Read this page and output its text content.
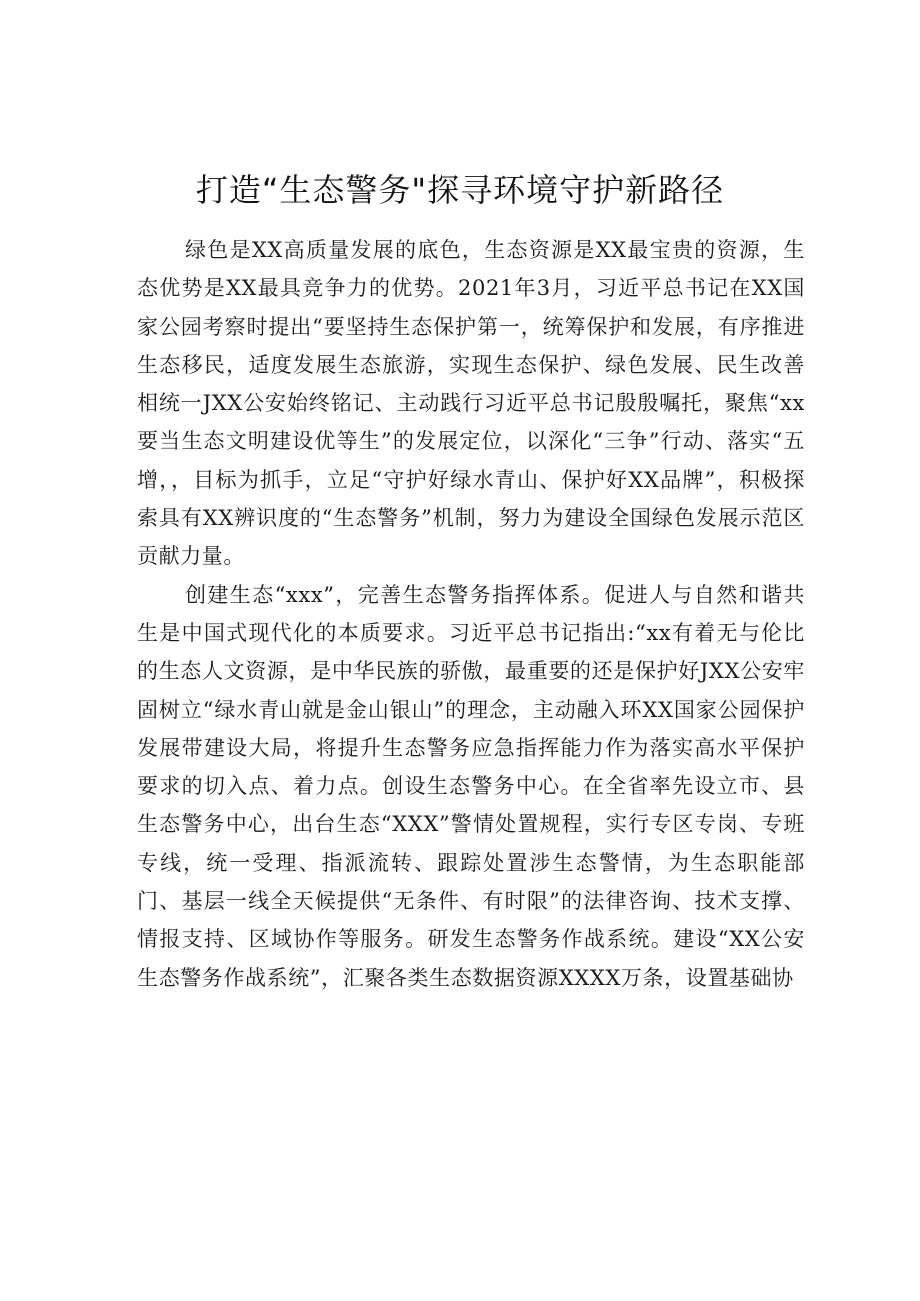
打造“生态警务"探寻环境守护新路径

绿色是XX高质量发展的底色，生态资源是XX最宝贵的资源，生态优势是XX最具竞争力的优势。2021年3月，习近平总书记在XX国家公园考察时提出“要坚持生态保护第一，统筹保护和发展，有序推进生态移民，适度发展生态旅游，实现生态保护、绿色发展、民生改善相统一JXX公安始终铭记、主动践行习近平总书记殷殷嘱托，聚焦“xx要当生态文明建设优等生”的发展定位，以深化“三争”行动、落实“五增，，目标为抓手，立足“守护好绿水青山、保护好XX品牌”，积极探索具有XX辨识度的“生态警务”机制，努力为建设全国绿色发展示范区贡献力量。

创建生态“xxx”，完善生态警务指挥体系。促进人与自然和谐共生是中国式现代化的本质要求。习近平总书记指出:“xx有着无与伦比的生态人文资源，是中华民族的骄傲，最重要的还是保护好JXX公安牢固树立“绿水青山就是金山银山”的理念，主动融入环XX国家公园保护发展带建设大局，将提升生态警务应急指挥能力作为落实高水平保护要求的切入点、着力点。创设生态警务中心。在全省率先设立市、县生态警务中心，出台生态“XXX”警情处置规程，实行专区专岗、专班专线，统一受理、指派流转、跟踪处置涉生态警情，为生态职能部门、基层一线全天候提供“无条件、有时限”的法律咨询、技术支撑、情报支持、区域协作等服务。研发生态警务作战系统。建设“XX公安生态警务作战系统”，汇聚各类生态数据资源XXXX万条，设置基础协
